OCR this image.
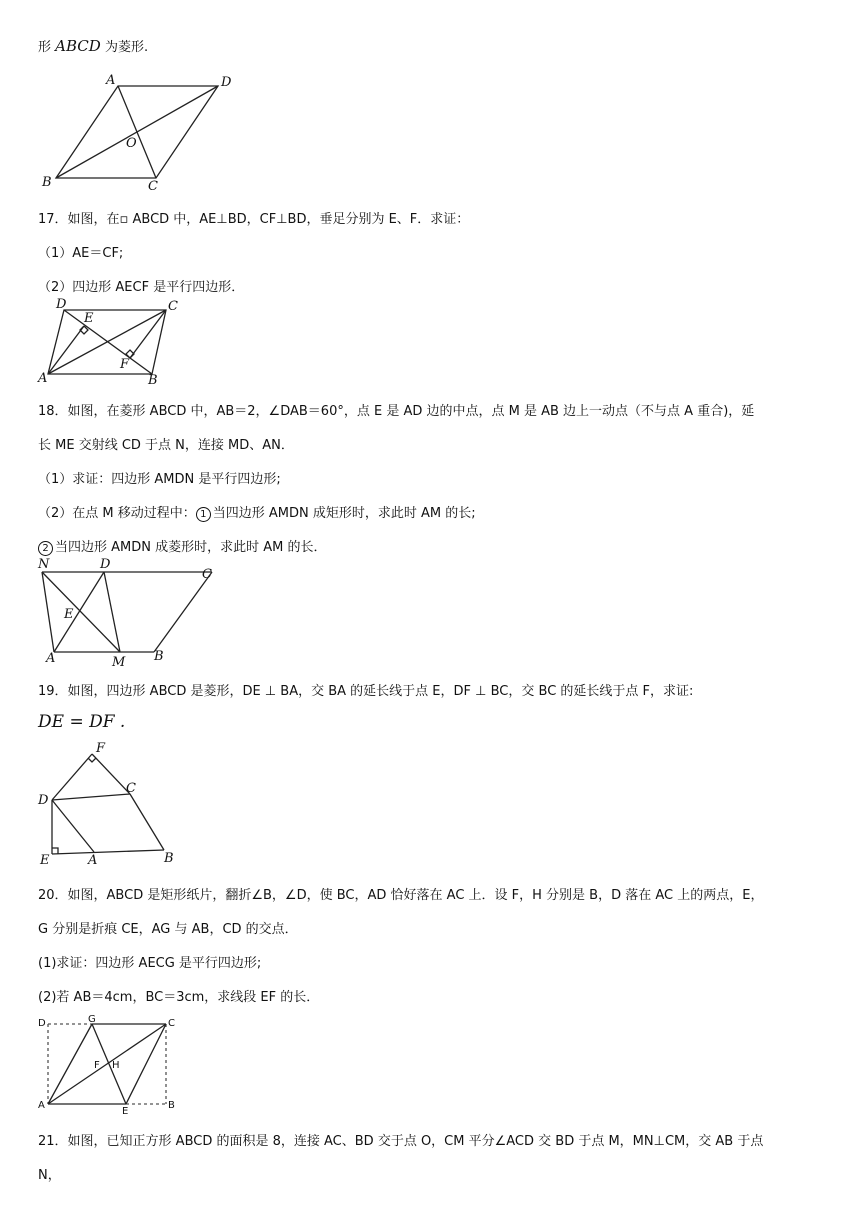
形 ABCD 为菱形.
A	D
O
B	C
17．如图，在▫ ABCD 中，AE⊥BD，CF⊥BD，垂足分别为 E、F．求证：
（1）AE＝CF;
（2）四边形 AECF 是平行四边形．
D
E
C
A
F
B
18．如图，在菱形 ABCD 中，AB＝2，∠DAB＝60°，点 E 是 AD 边的中点，点 M 是 AB 边上一动点（不与点 A 重合)，延
长 ME 交射线 CD 于点 N，连接 MD、AN．
（1）求证：四边形 AMDN 是平行四边形;
（2）在点 M 移动过程中： 1 当四边形 AMDN 成矩形时，求此时 AM 的长;
2 当四边形 AMDN 成菱形时，求此时 AM 的长．
N	D
C
E
A	M B
19．如图，四边形 ABCD 是菱形，DE ⊥ BA，交 BA 的延长线于点 E，DF ⊥ BC，交 BC 的延长线于点 F，求证:
DE = DF .
F
C
D
E	A	B
20．如图，ABCD 是矩形纸片，翻折∠B，∠D，使 BC，AD 恰好落在 AC 上．设 F，H 分别是 B，D 落在 AC 上的两点，E，
G 分别是折痕 CE，AG 与 AB，CD 的交点．
(1)求证：四边形 AECG 是平行四边形;
(2)若 AB＝4cm，BC＝3cm，求线段 EF 的长．
D	G	C
F H
A
E
B
21．如图，已知正方形 ABCD 的面积是 8，连接 AC、BD 交于点 O，CM 平分∠ACD 交 BD 于点 M，MN⊥CM，交 AB 于点
N，
